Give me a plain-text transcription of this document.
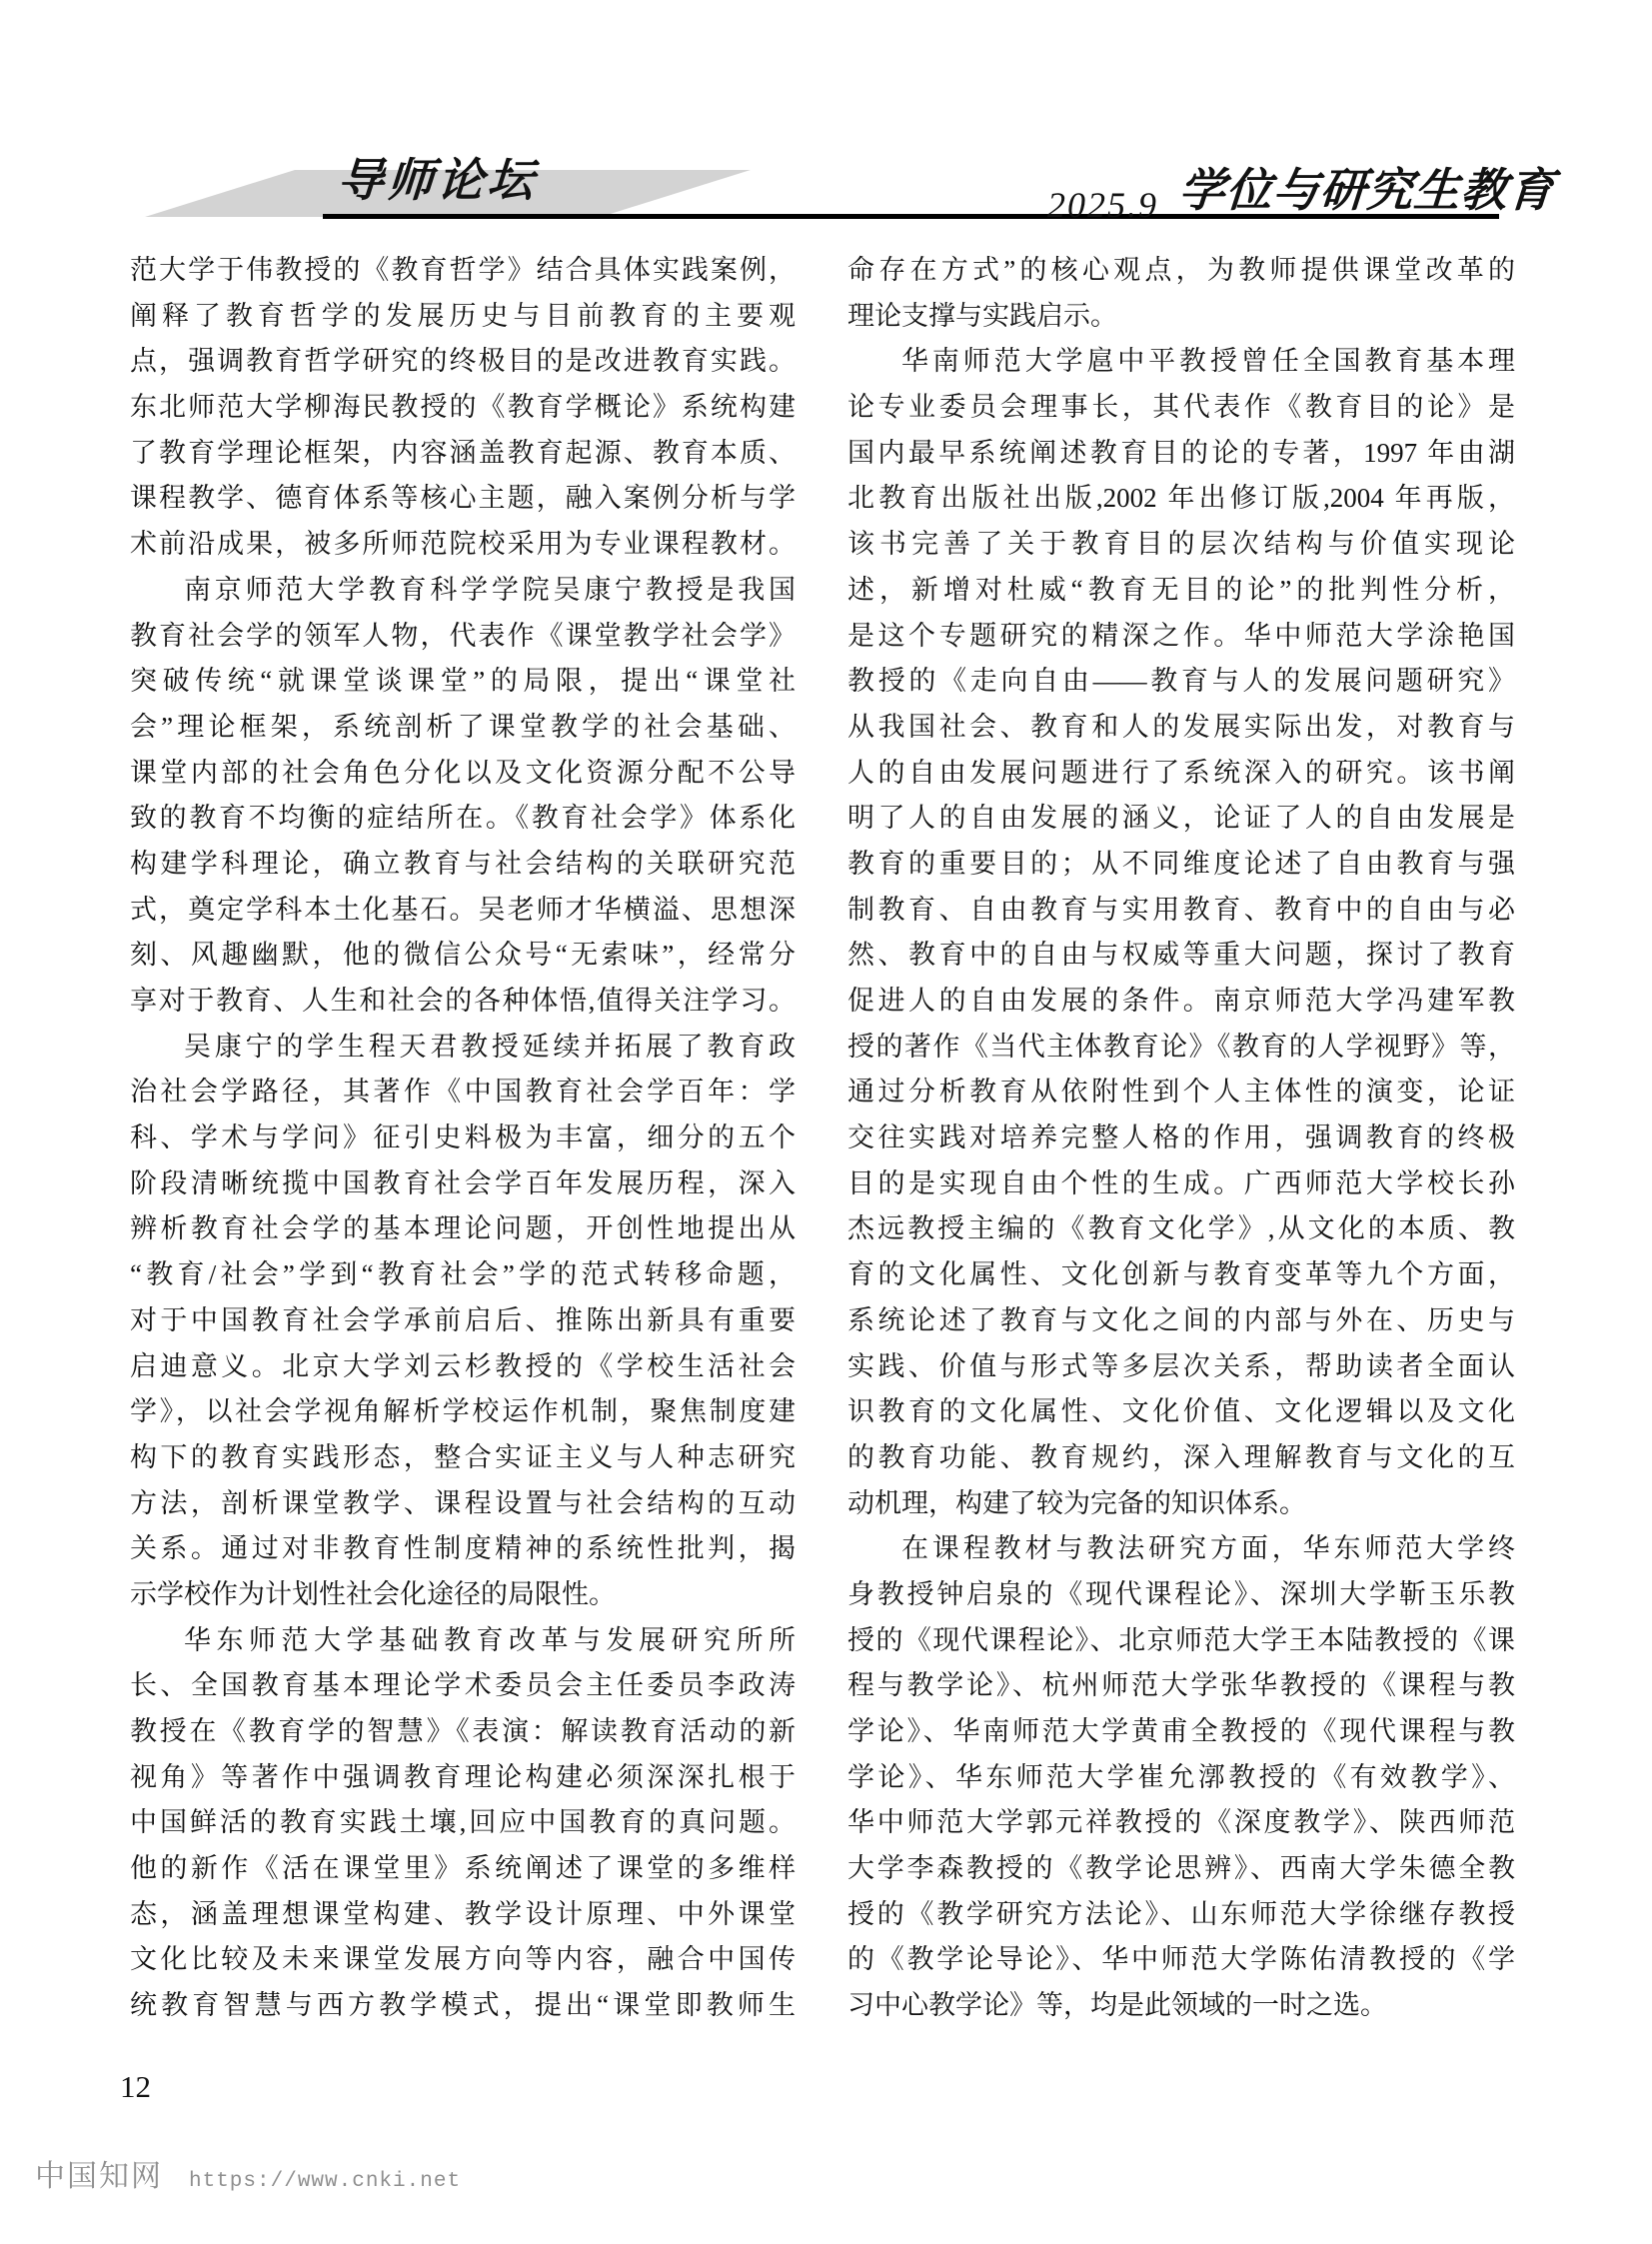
导师论坛	2025.9 学位与研究生教育
范大学于伟教授的《教育哲学》结合具体实践案例，
阐释了教育哲学的发展历史与目前教育的主要观
点，强调教育哲学研究的终极目的是改进教育实践。
东北师范大学柳海民教授的《教育学概论》系统构建
了教育学理论框架，内容涵盖教育起源、教育本质、
课程教学、德育体系等核心主题，融入案例分析与学
术前沿成果，被多所师范院校采用为专业课程教材。
南京师范大学教育科学学院吴康宁教授是我国
教育社会学的领军人物，代表作《课堂教学社会学》
突破传统“就课堂谈课堂”的局限，提出“课堂社
会”理论框架，系统剖析了课堂教学的社会基础、
课堂内部的社会角色分化以及文化资源分配不公导
致的教育不均衡的症结所在。《教育社会学》体系化
构建学科理论，确立教育与社会结构的关联研究范
式，奠定学科本土化基石。吴老师才华横溢、思想深
刻、风趣幽默，他的微信公众号“无索味”，经常分
享对于教育、人生和社会的各种体悟,值得关注学习。
吴康宁的学生程天君教授延续并拓展了教育政
治社会学路径，其著作《中国教育社会学百年：学
科、学术与学问》征引史料极为丰富，细分的五个
阶段清晰统揽中国教育社会学百年发展历程，深入
辨析教育社会学的基本理论问题，开创性地提出从
“教育/社会”学到“教育社会”学的范式转移命题，
对于中国教育社会学承前启后、推陈出新具有重要
启迪意义。北京大学刘云杉教授的《学校生活社会
学》，以社会学视角解析学校运作机制，聚焦制度建
构下的教育实践形态，整合实证主义与人种志研究
方法，剖析课堂教学、课程设置与社会结构的互动
关系。通过对非教育性制度精神的系统性批判，揭
示学校作为计划性社会化途径的局限性。
华东师范大学基础教育改革与发展研究所所
长、全国教育基本理论学术委员会主任委员李政涛
教授在《教育学的智慧》《表演：解读教育活动的新
视角》等著作中强调教育理论构建必须深深扎根于
中国鲜活的教育实践土壤,回应中国教育的真问题。
他的新作《活在课堂里》系统阐述了课堂的多维样
态，涵盖理想课堂构建、教学设计原理、中外课堂
文化比较及未来课堂发展方向等内容，融合中国传
统教育智慧与西方教学模式，提出“课堂即教师生
命存在方式”的核心观点，为教师提供课堂改革的
理论支撑与实践启示。
华南师范大学扈中平教授曾任全国教育基本理
论专业委员会理事长，其代表作《教育目的论》是
国内最早系统阐述教育目的论的专著，1997 年由湖
北教育出版社出版,2002 年出修订版,2004 年再版，
该书完善了关于教育目的层次结构与价值实现论
述，新增对杜威“教育无目的论”的批判性分析，
是这个专题研究的精深之作。华中师范大学涂艳国
教授的《走向自由——教育与人的发展问题研究》
从我国社会、教育和人的发展实际出发，对教育与
人的自由发展问题进行了系统深入的研究。该书阐
明了人的自由发展的涵义，论证了人的自由发展是
教育的重要目的；从不同维度论述了自由教育与强
制教育、自由教育与实用教育、教育中的自由与必
然、教育中的自由与权威等重大问题，探讨了教育
促进人的自由发展的条件。南京师范大学冯建军教
授的著作《当代主体教育论》《教育的人学视野》等，
通过分析教育从依附性到个人主体性的演变，论证
交往实践对培养完整人格的作用，强调教育的终极
目的是实现自由个性的生成。广西师范大学校长孙
杰远教授主编的《教育文化学》,从文化的本质、教
育的文化属性、文化创新与教育变革等九个方面，
系统论述了教育与文化之间的内部与外在、历史与
实践、价值与形式等多层次关系，帮助读者全面认
识教育的文化属性、文化价值、文化逻辑以及文化
的教育功能、教育规约，深入理解教育与文化的互
动机理，构建了较为完备的知识体系。
在课程教材与教法研究方面，华东师范大学终
身教授钟启泉的《现代课程论》、深圳大学靳玉乐教
授的《现代课程论》、北京师范大学王本陆教授的《课
程与教学论》、杭州师范大学张华教授的《课程与教
学论》、华南师范大学黄甫全教授的《现代课程与教
学论》、华东师范大学崔允漷教授的《有效教学》、
华中师范大学郭元祥教授的《深度教学》、陕西师范
大学李森教授的《教学论思辨》、西南大学朱德全教
授的《教学研究方法论》、山东师范大学徐继存教授
的《教学论导论》、华中师范大学陈佑清教授的《学
习中心教学论》等，均是此领域的一时之选。
12
中国知网 https://www.cnki.net
